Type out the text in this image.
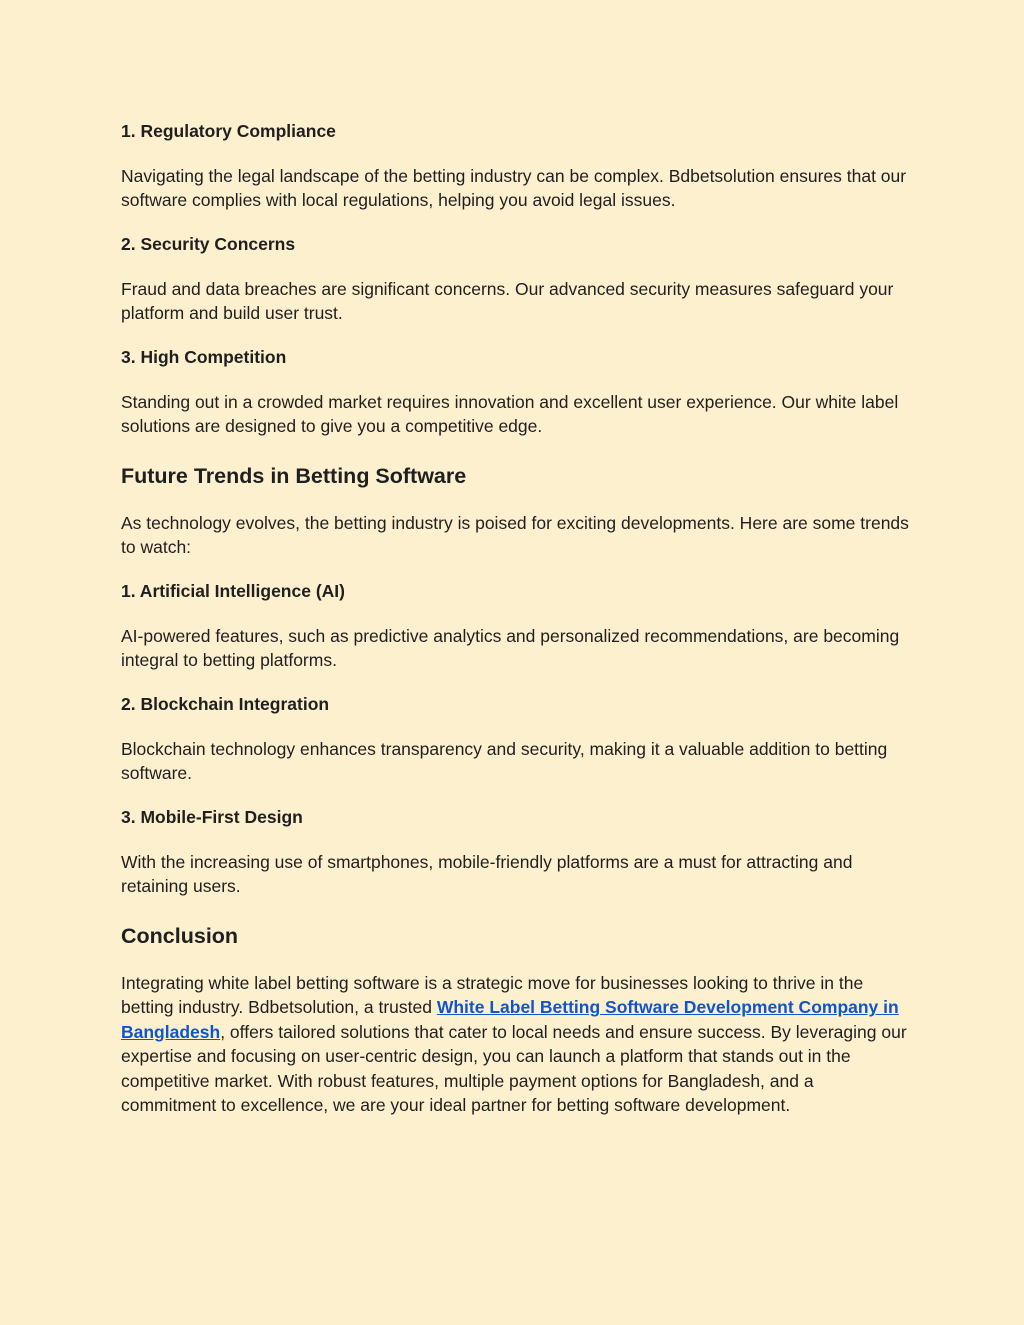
1. Regulatory Compliance

Navigating the legal landscape of the betting industry can be complex. Bdbetsolution ensures that our software complies with local regulations, helping you avoid legal issues.

2. Security Concerns

Fraud and data breaches are significant concerns. Our advanced security measures safeguard your platform and build user trust.

3. High Competition

Standing out in a crowded market requires innovation and excellent user experience. Our white label solutions are designed to give you a competitive edge.

Future Trends in Betting Software

As technology evolves, the betting industry is poised for exciting developments. Here are some trends to watch:

1. Artificial Intelligence (AI)

AI-powered features, such as predictive analytics and personalized recommendations, are becoming integral to betting platforms.

2. Blockchain Integration

Blockchain technology enhances transparency and security, making it a valuable addition to betting software.

3. Mobile-First Design

With the increasing use of smartphones, mobile-friendly platforms are a must for attracting and retaining users.

Conclusion

Integrating white label betting software is a strategic move for businesses looking to thrive in the betting industry. Bdbetsolution, a trusted White Label Betting Software Development Company in Bangladesh, offers tailored solutions that cater to local needs and ensure success. By leveraging our expertise and focusing on user-centric design, you can launch a platform that stands out in the competitive market. With robust features, multiple payment options for Bangladesh, and a commitment to excellence, we are your ideal partner for betting software development.
